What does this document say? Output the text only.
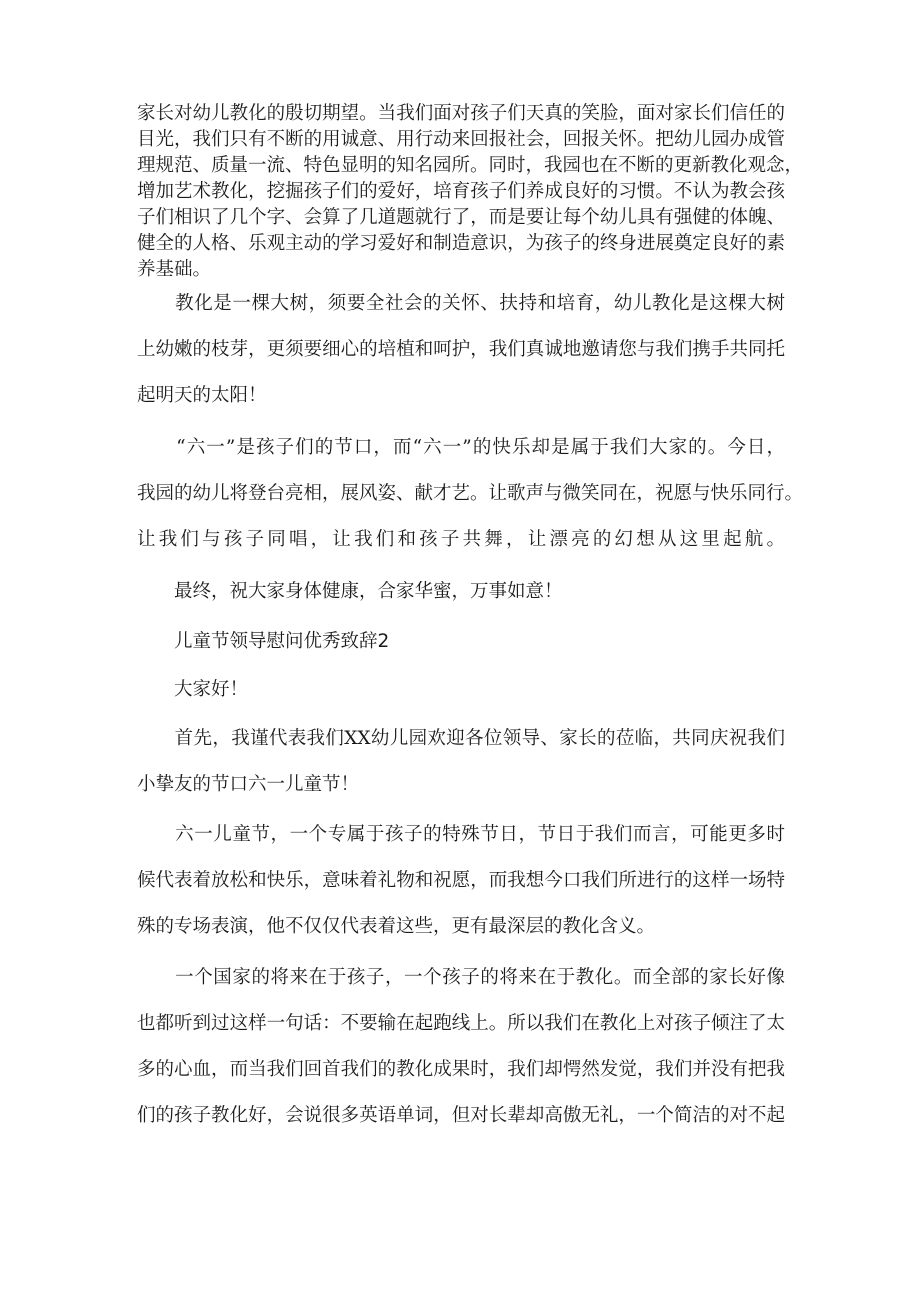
家长对幼儿教化的殷切期望。当我们面对孩子们天真的笑脸，面对家长们信任的
目光，我们只有不断的用诚意、用行动来回报社会，回报关怀。把幼儿园办成管
理规范、质量一流、特色显明的知名园所。同时，我园也在不断的更新教化观念，
增加艺术教化，挖掘孩子们的爱好，培育孩子们养成良好的习惯。不认为教会孩
子们相识了几个字、会算了几道题就行了，而是要让每个幼儿具有强健的体魄、
健全的人格、乐观主动的学习爱好和制造意识，为孩子的终身进展奠定良好的素
养基础。
　　教化是一棵大树，须要全社会的关怀、扶持和培育，幼儿教化是这棵大树
上幼嫩的枝芽，更须要细心的培植和呵护，我们真诚地邀请您与我们携手共同托
起明天的太阳！
　　“六一”是孩子们的节口，而“六一”的快乐却是属于我们大家的。今日，
我园的幼儿将登台亮相，展风姿、献才艺。让歌声与微笑同在，祝愿与快乐同行。
让我们与孩子同唱，让我们和孩子共舞，让漂亮的幻想从这里起航。
　　最终，祝大家身体健康，合家华蜜，万事如意！
　　儿童节领导慰问优秀致辞2
　　大家好！
　　首先，我谨代表我们XX幼儿园欢迎各位领导、家长的莅临，共同庆祝我们
小挚友的节口六一儿童节！
　　六一儿童节，一个专属于孩子的特殊节日，节日于我们而言，可能更多时
候代表着放松和快乐，意味着礼物和祝愿，而我想今口我们所进行的这样一场特
殊的专场表演，他不仅仅代表着这些，更有最深层的教化含义。
　　一个国家的将来在于孩子，一个孩子的将来在于教化。而全部的家长好像
也都听到过这样一句话：不要输在起跑线上。所以我们在教化上对孩子倾注了太
多的心血，而当我们回首我们的教化成果时，我们却愕然发觉，我们并没有把我
们的孩子教化好，会说很多英语单词，但对长辈却高傲无礼，一个简洁的对不起
